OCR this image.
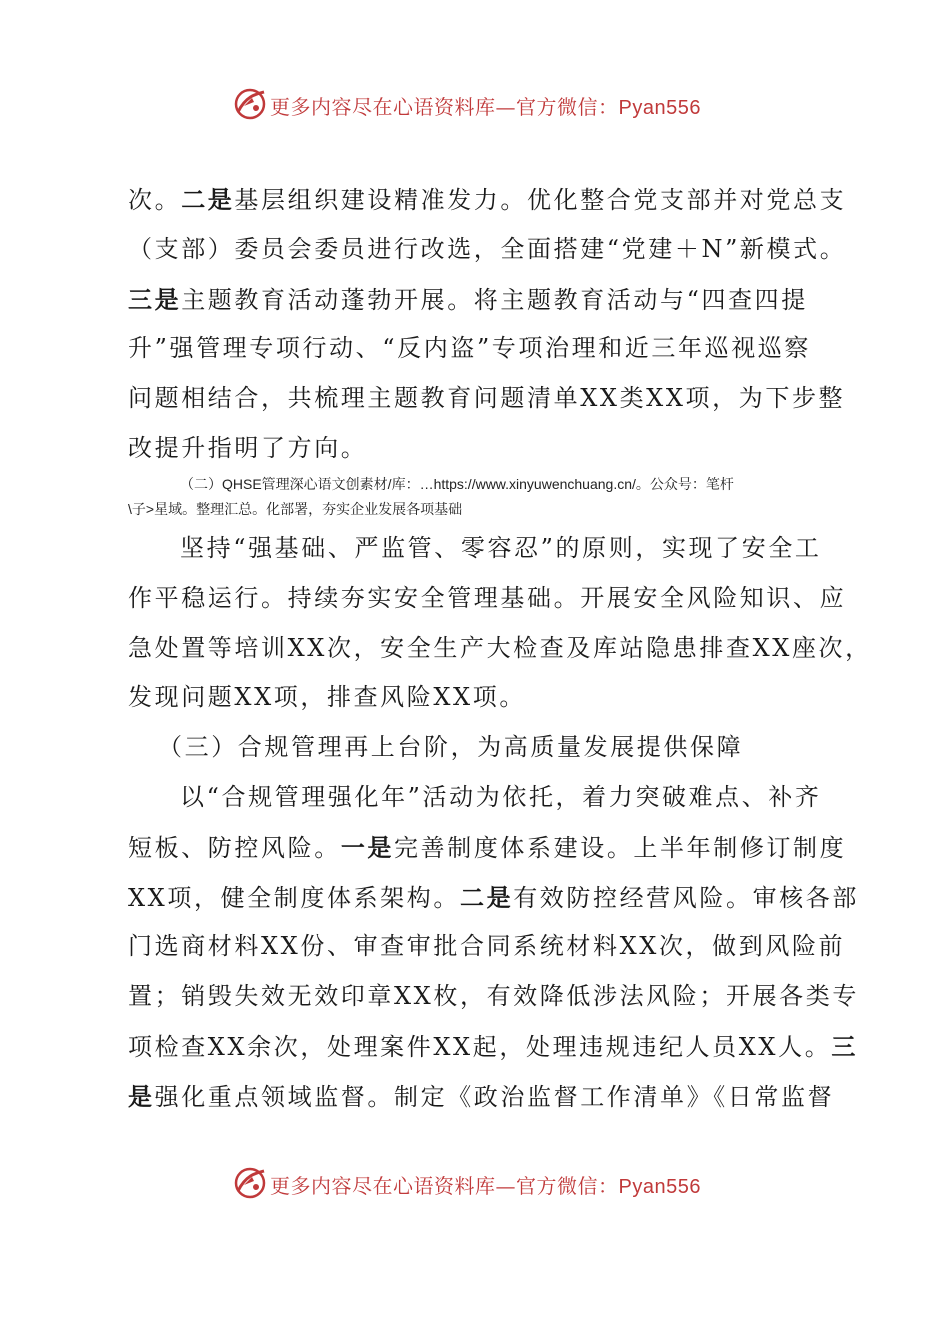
更多内容尽在心语资料库—官方微信：Pyan556
次。二是基层组织建设精准发力。优化整合党支部并对党总支
（支部）委员会委员进行改选，全面搭建“党建＋N”新模式。
三是主题教育活动蓬勃开展。将主题教育活动与“四查四提
升”强管理专项行动、“反内盗”专项治理和近三年巡视巡察
问题相结合，共梳理主题教育问题清单XX类XX项，为下步整
改提升指明了方向。
（二）QHSE管理深心语文创素材/库：…https://www.xinyuwenchuang.cn/。公众号：笔杆
\子>星域。整理汇总。化部署，夯实企业发展各项基础
坚持“强基础、严监管、零容忍”的原则，实现了安全工
作平稳运行。持续夯实安全管理基础。开展安全风险知识、应
急处置等培训XX次，安全生产大检查及库站隐患排查XX座次，
发现问题XX项，排查风险XX项。
（三）合规管理再上台阶，为高质量发展提供保障
以“合规管理强化年”活动为依托，着力突破难点、补齐
短板、防控风险。一是完善制度体系建设。上半年制修订制度
XX项，健全制度体系架构。二是有效防控经营风险。审核各部
门选商材料XX份、审查审批合同系统材料XX次，做到风险前
置；销毁失效无效印章XX枚，有效降低涉法风险；开展各类专
项检查XX余次，处理案件XX起，处理违规违纪人员XX人。三
是强化重点领域监督。制定《政治监督工作清单》《日常监督
更多内容尽在心语资料库—官方微信：Pyan556
